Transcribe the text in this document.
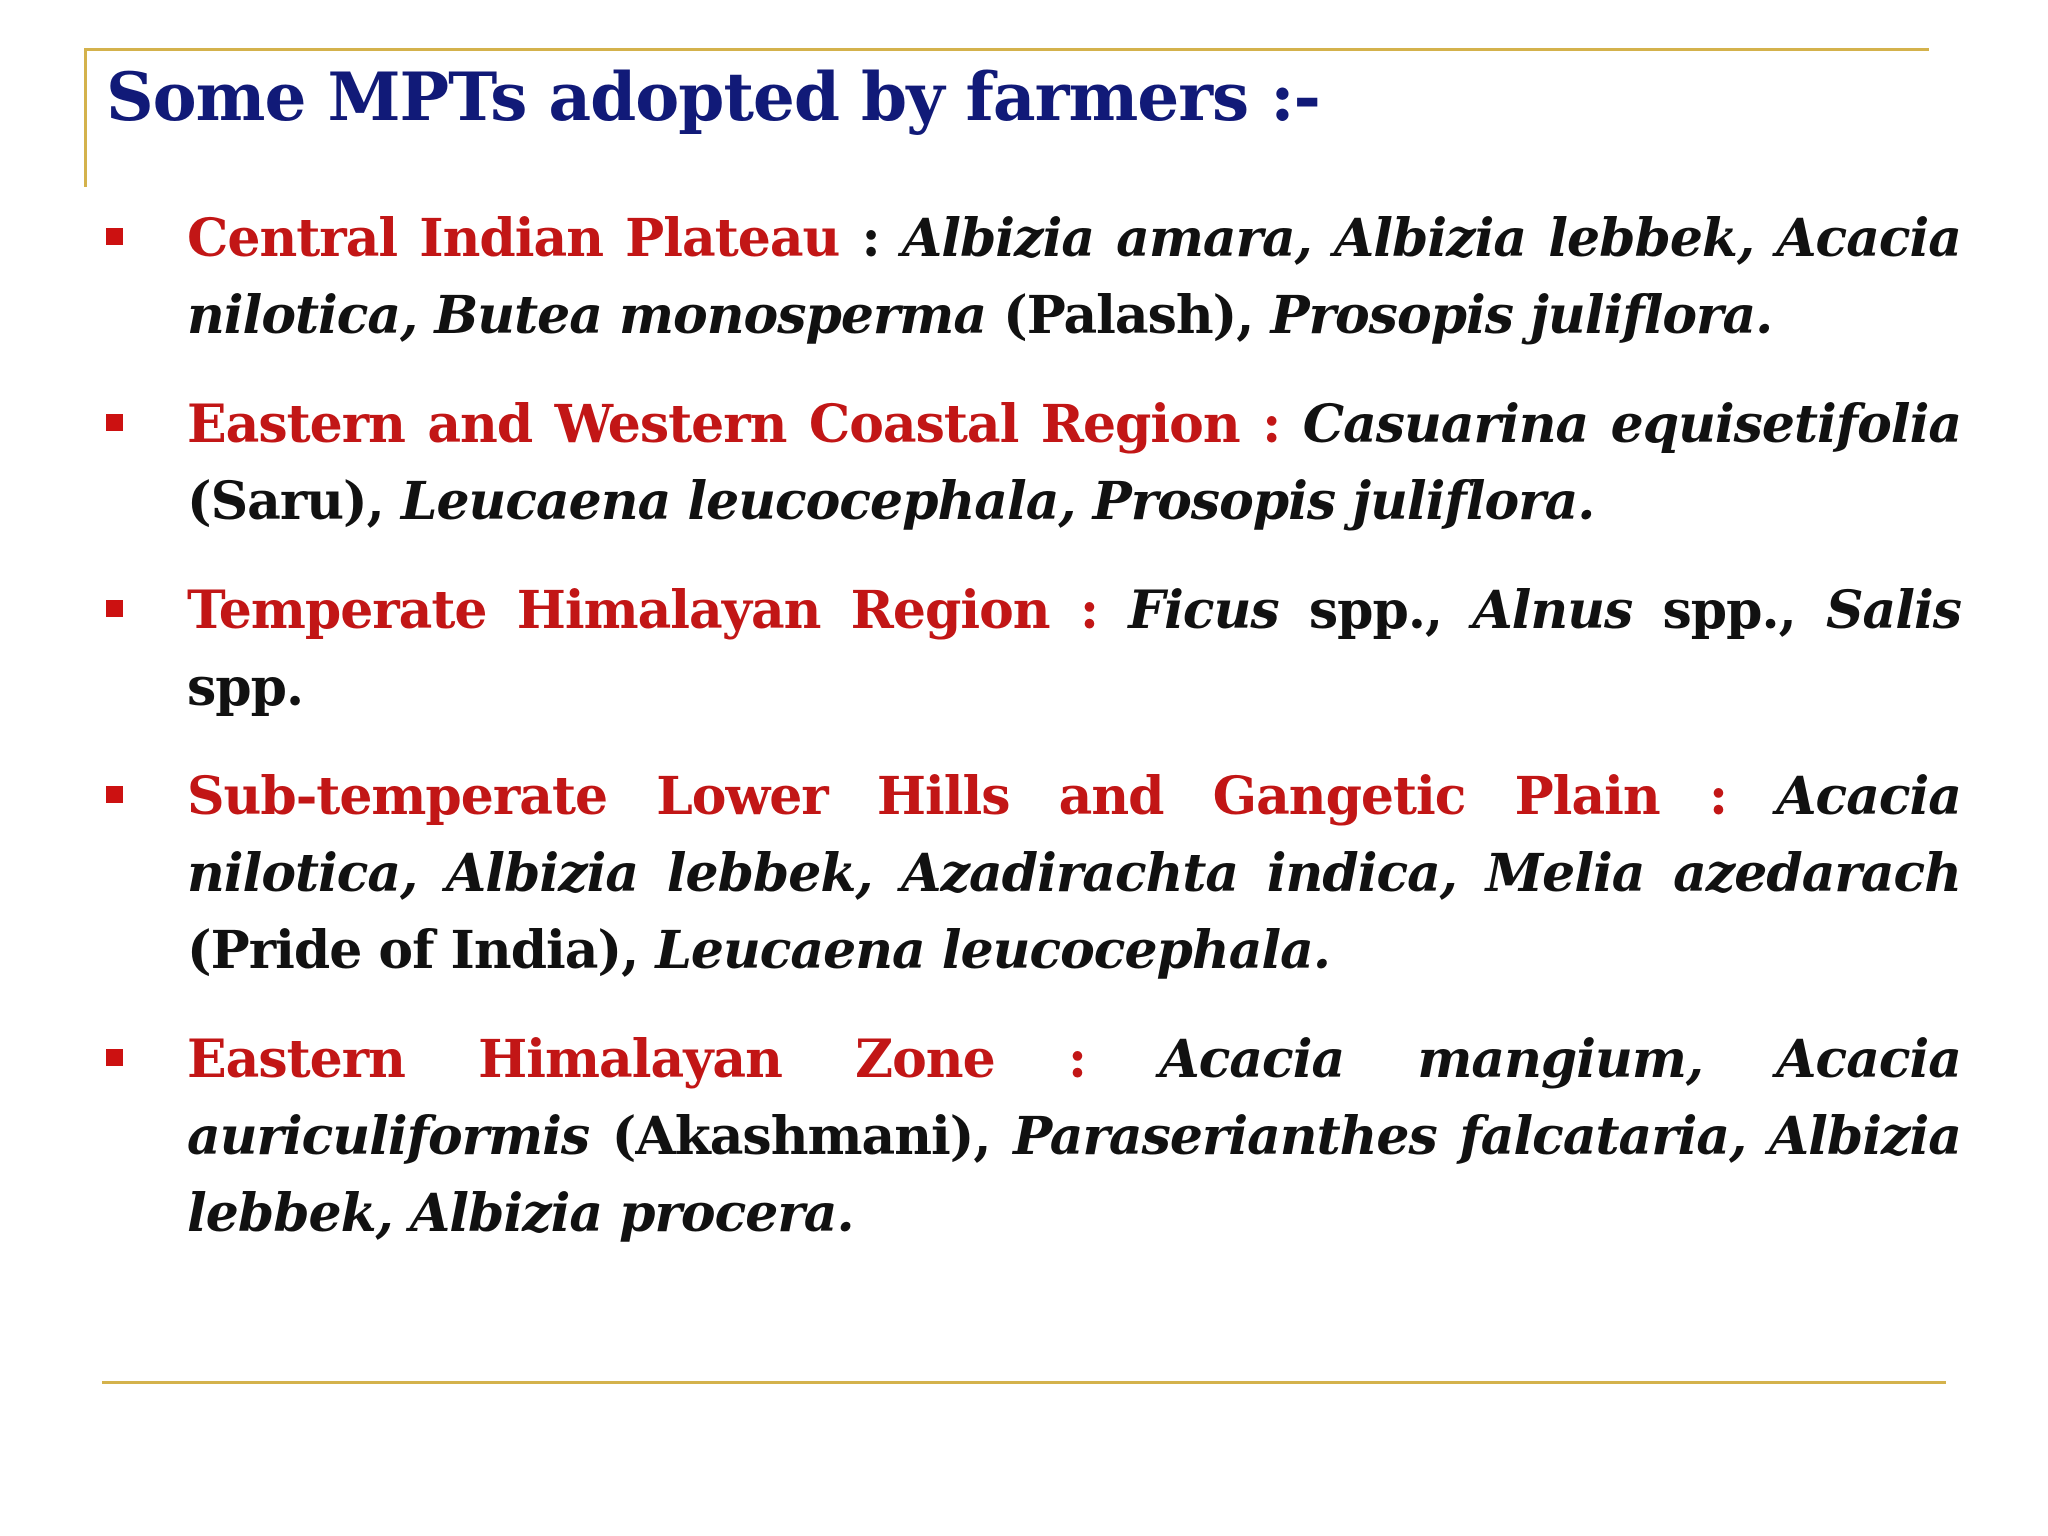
Some MPTs adopted by farmers :-
Central Indian Plateau : Albizia amara, Albizia lebbek, Acacia nilotica, Butea monosperma (Palash), Prosopis juliflora.
Eastern and Western Coastal Region : Casuarina equisetifolia (Saru), Leucaena leucocephala, Prosopis juliflora.
Temperate Himalayan Region : Ficus spp., Alnus spp., Salis spp.
Sub-temperate Lower Hills and Gangetic Plain : Acacia nilotica, Albizia lebbek, Azadirachta indica, Melia azedarach (Pride of India), Leucaena leucocephala.
Eastern Himalayan Zone : Acacia mangium, Acacia auriculiformis (Akashmani), Paraserianthes falcataria, Albizia lebbek, Albizia procera.
